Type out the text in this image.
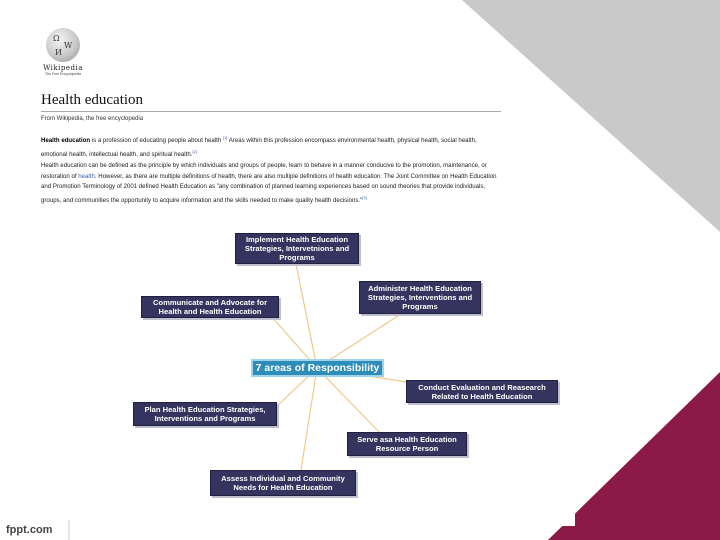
Ω
W
И
Wikipedia
The Free Encyclopedia
Health education
From Wikipedia, the free encyclopedia

Health education is a profession of educating people about health [1] Areas within this profession encompass environmental health, physical health, social health, emotional health, intellectual health, and spiritual health.[2]

Health education can be defined as the principle by which individuals and groups of people, learn to behave in a manner conducive to the promotion, maintenance, or restoration of health. However, as there are multiple definitions of health, there are also multiple definitions of health education. The Joint Committee on Health Education and Promotion Terminology of 2001 defined Health Education as "any combination of planned learning experiences based on sound theories that provide individuals, groups, and communities the opportunity to acquire information and the skills needed to make quality health decisions."[3]

Implement Health Education Strategies, Intervetnions and Programs
Administer Health Education Strategies, Interventions and Programs
Communicate and Advocate for Health and Health Education
7 areas of Responsibility
Conduct Evaluation and Reasearch Related to Health Education
Plan Health Education Strategies, Interventions and Programs
Serve asa Health Education Resource Person
Assess Individual and Community Needs for Health Education
fppt.com
